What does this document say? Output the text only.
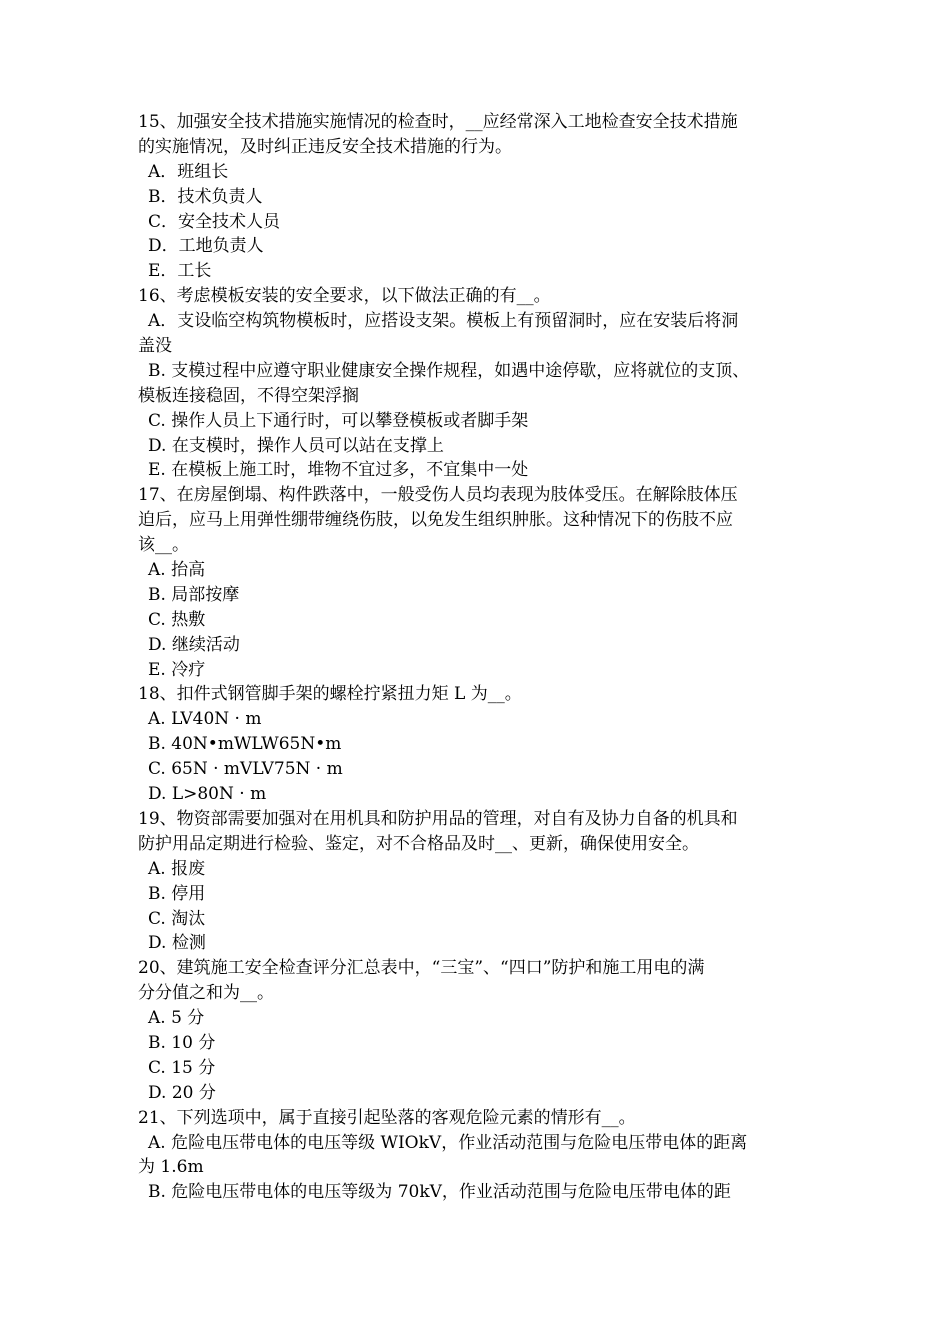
15、加强安全技术措施实施情况的检查时，__应经常深入工地检查安全技术措施
的实施情况，及时纠正违反安全技术措施的行为。
A．班组长
B．技术负责人
C．安全技术人员
D．工地负责人
E．工长
16、考虑模板安装的安全要求，以下做法正确的有__。
A．支设临空构筑物模板时，应搭设支架。模板上有预留洞时，应在安装后将洞
盖没
B. 支模过程中应遵守职业健康安全操作规程，如遇中途停歇，应将就位的支顶、
模板连接稳固，不得空架浮搁
C. 操作人员上下通行时，可以攀登模板或者脚手架
D. 在支模时，操作人员可以站在支撑上
E. 在模板上施工时，堆物不宜过多，不宜集中一处
17、在房屋倒塌、构件跌落中，一般受伤人员均表现为肢体受压。在解除肢体压
迫后，应马上用弹性绷带缠绕伤肢，以免发生组织肿胀。这种情况下的伤肢不应
该__。
A. 抬高
B. 局部按摩
C. 热敷
D. 继续活动
E. 冷疗
18、扣件式钢管脚手架的螺栓拧紧扭力矩 L 为__。
A. LV40N · m
B. 40N•mWLW65N•m
C. 65N · mVLV75N · m
D. L>80N · m
19、物资部需要加强对在用机具和防护用品的管理，对自有及协力自备的机具和
防护用品定期进行检验、鉴定，对不合格品及时__、更新，确保使用安全。
A. 报废
B. 停用
C. 淘汰
D. 检测
20、建筑施工安全检查评分汇总表中，“三宝”、“四口”防护和施工用电的满
分分值之和为__。
A. 5 分
B. 10 分
C. 15 分
D. 20 分
21、下列选项中，属于直接引起坠落的客观危险元素的情形有__。
A. 危险电压带电体的电压等级 WIOkV，作业活动范围与危险电压带电体的距离
为 1.6m
B. 危险电压带电体的电压等级为 70kV，作业活动范围与危险电压带电体的距
